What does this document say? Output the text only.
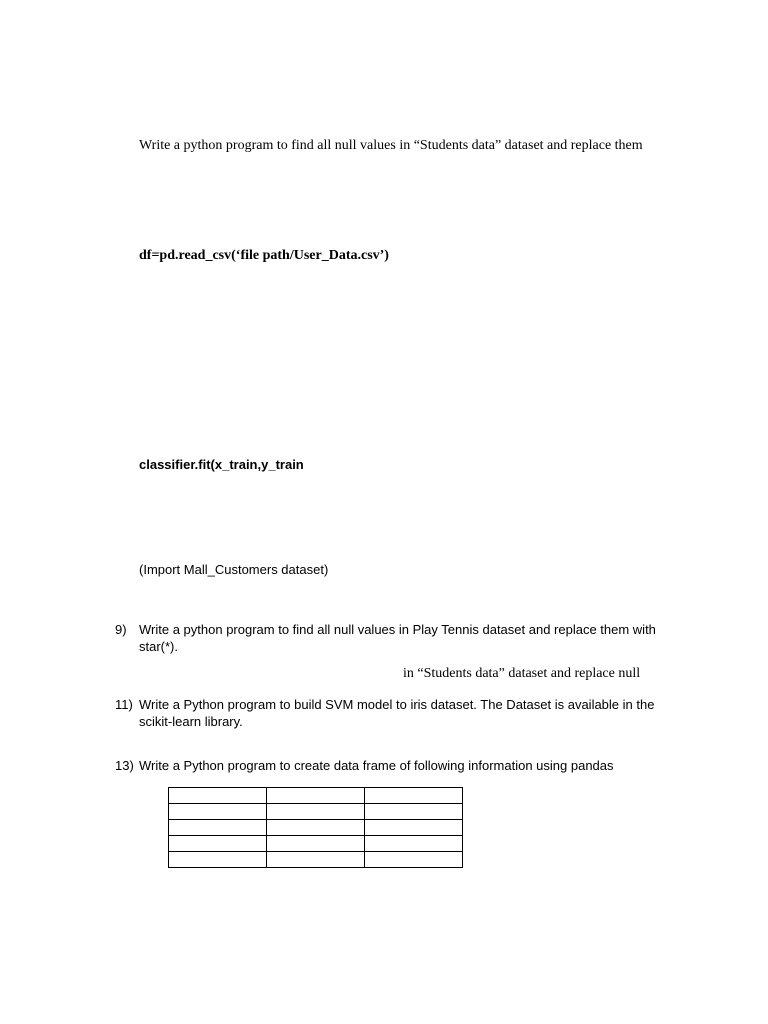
Write a python program to find all null values in “Students data” dataset and replace them
df=pd.read_csv(‘file path/User_Data.csv’)
classifier.fit(x_train,y_train
(Import Mall_Customers dataset)
9) Write a python program to find all null values in Play Tennis dataset and replace them with star(*).
in “Students data” dataset and replace null
11) Write a Python program to build SVM model to iris dataset. The Dataset is available in the scikit-learn library.
13) Write a Python program to create data frame of following information using pandas
